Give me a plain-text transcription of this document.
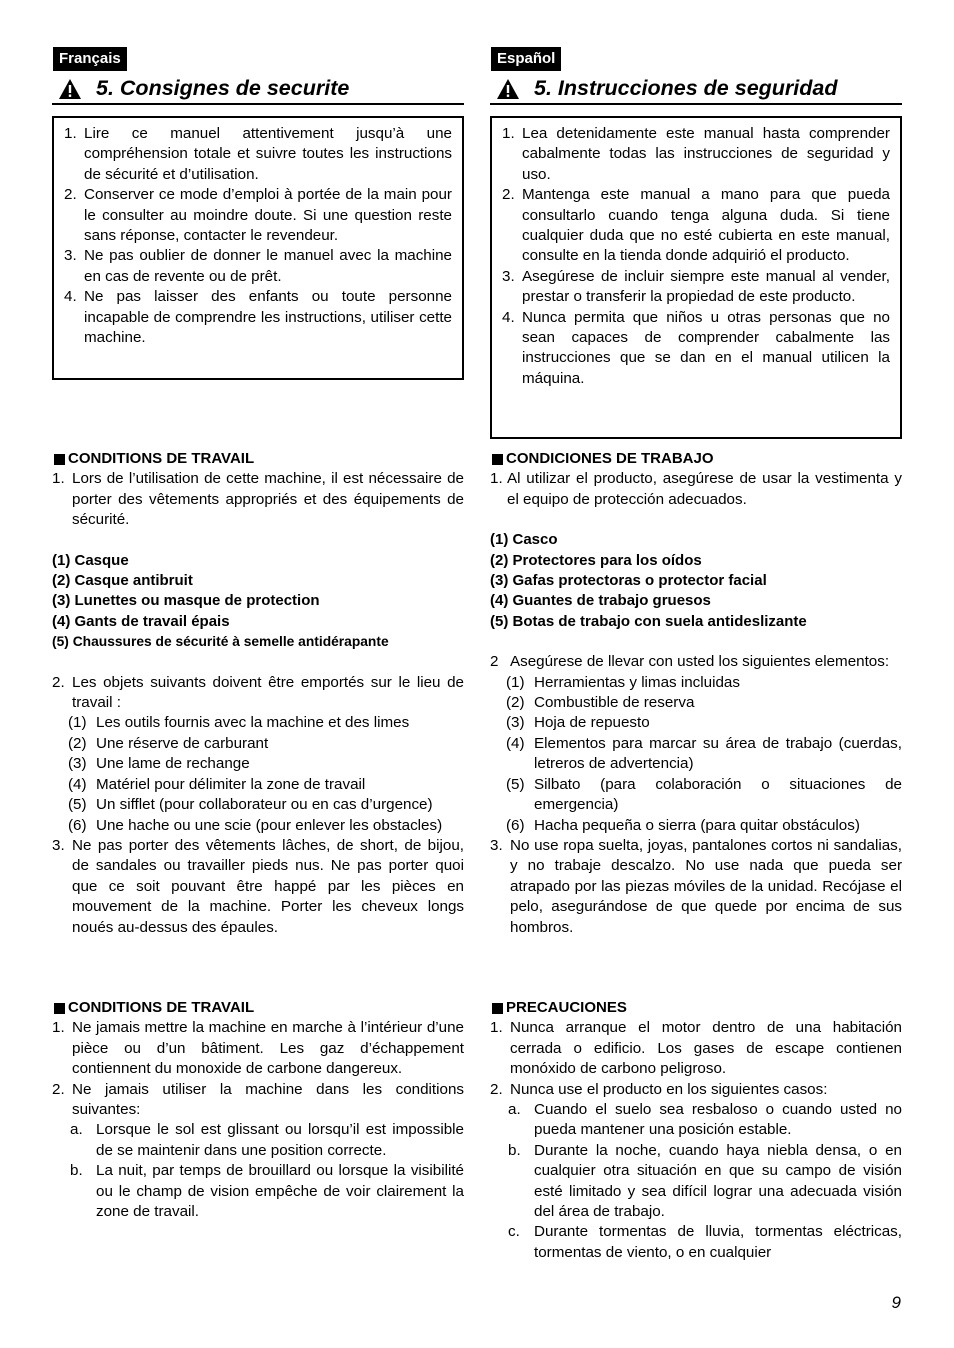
Français
5. Consignes de securite
1. Lire ce manuel attentivement jusqu’à une compréhension totale et suivre toutes les instructions de sécurité et d’utilisation.
2. Conserver ce mode d’emploi à portée de la main pour le consulter au moindre doute. Si une question reste sans réponse, contacter le revendeur.
3. Ne pas oublier de donner le manuel avec la machine en cas de revente ou de prêt.
4. Ne pas laisser des enfants ou toute personne incapable de comprendre les instructions, utiliser cette machine.
CONDITIONS DE TRAVAIL
1. Lors de l’utilisation de cette machine, il est nécessaire de porter des vêtements appropriés et des équipements de sécurité.
(1) Casque
(2) Casque antibruit
(3) Lunettes ou masque de protection
(4) Gants de travail épais
(5) Chaussures de sécurité à semelle antidérapante
2. Les objets suivants doivent être emportés sur le lieu de travail :
(1) Les outils fournis avec la machine et des limes
(2) Une réserve de carburant
(3) Une lame de rechange
(4) Matériel pour délimiter la zone de travail
(5) Un sifflet (pour collaborateur ou en cas d’urgence)
(6) Une hache ou une scie (pour enlever les obstacles)
3. Ne pas porter des vêtements lâches, de short, de bijou, de sandales ou travailler pieds nus. Ne pas porter quoi que ce soit pouvant être happé par les pièces en mouvement de la machine. Porter les cheveux longs noués au-dessus des épaules.
CONDITIONS DE TRAVAIL
1. Ne jamais mettre la machine en marche à l’intérieur d’une pièce ou d’un bâtiment. Les gaz d’échappement contiennent du monoxide de carbone dangereux.
2. Ne jamais utiliser la machine dans les conditions suivantes:
a. Lorsque le sol est glissant ou lorsqu’il est impossible de se maintenir dans une position correcte.
b. La nuit, par temps de brouillard ou lorsque la visibilité ou le champ de vision empêche de voir clairement la zone de travail.
Español
5. Instrucciones de seguridad
1. Lea detenidamente este manual hasta comprender cabalmente todas las instrucciones de seguridad y uso.
2. Mantenga este manual a mano para que pueda consultarlo cuando tenga alguna duda. Si tiene cualquier duda que no esté cubierta en este manual, consulte en la tienda donde adquirió el producto.
3. Asegúrese de incluir siempre este manual al vender, prestar o transferir la propiedad de este producto.
4. Nunca permita que niños u otras personas que no sean capaces de comprender cabalmente las instrucciones que se dan en el manual utilicen la máquina.
CONDICIONES DE TRABAJO
1. Al utilizar el producto, asegúrese de usar la vestimenta y el equipo de protección adecuados.
(1) Casco
(2) Protectores para los oídos
(3) Gafas protectoras o protector facial
(4) Guantes de trabajo gruesos
(5) Botas de trabajo con suela antideslizante
2 Asegúrese de llevar con usted los siguientes elementos:
(1) Herramientas y limas incluidas
(2) Combustible de reserva
(3) Hoja de repuesto
(4) Elementos para marcar su área de trabajo (cuerdas, letreros de advertencia)
(5) Silbato (para colaboración o situaciones de emergencia)
(6) Hacha pequeña o sierra (para quitar obstáculos)
3. No use ropa suelta, joyas, pantalones cortos ni sandalias, y no trabaje descalzo. No use nada que pueda ser atrapado por las piezas móviles de la unidad. Recójase el pelo, asegurándose de que quede por encima de sus hombros.
PRECAUCIONES
1. Nunca arranque el motor dentro de una habitación cerrada o edificio. Los gases de escape contienen monóxido de carbono peligroso.
2. Nunca use el producto en los siguientes casos:
a. Cuando el suelo sea resbaloso o cuando usted no pueda mantener una posición estable.
b. Durante la noche, cuando haya niebla densa, o en cualquier otra situación en que su campo de visión esté limitado y sea difícil lograr una adecuada visión del área de trabajo.
c. Durante tormentas de lluvia, tormentas eléctricas, tormentas de viento, o en cualquier
9
